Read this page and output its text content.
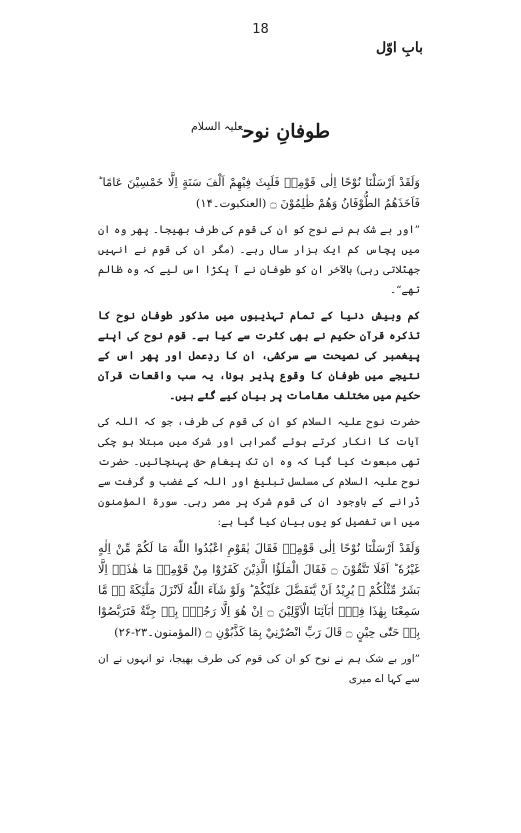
18
بابِ اوّل
طوفانِ نوح$^{علیہ السلام}$

وَلَقَدْ اَرْسَلْنَا نُوْحًا اِلٰی قَوْمِهٖ فَلَبِثَ فِيْهِمْ اَلْفَ سَنَةٍ اِلَّا خَمْسِيْنَ عَامًا ؕ فَاَخَذَهُمُ الطُّوْفَانُ وَهُمْ ظٰلِمُوْنَ ۝ (العنکبوت۔۱۴)

”اور بے شک ہم نے نوح کو ان کی قوم کی طرف بھیجا۔ پھر وہ ان میں پچاس کم ایک ہزار سال رہے۔ (مگر ان کی قوم نے انہیں جھٹلاتی رہی) بالآخر ان کو طوفان نے آ پکڑا اس لیے کہ وہ ظالم تھے“۔

کم وبیش دنیا کے تمام تہذیبوں میں مذکور طوفانِ نوح کا تذکرہ قرآن حکیم نے بھی کثرت سے کیا ہے۔ قوم نوح کی اپنے پیغمبر کی نصیحت سے سرکشی، ان کا ردِعمل اور پھر اس کے نتیجے میں طوفان کا وقوع پذیر ہونا، یہ سب واقعات قرآن حکیم میں مختلف مقامات پر بیان کیے گئے ہیں۔

حضرت نوح علیہ السلام کو ان کی قوم کی طرف، جو کہ اللہ کی آیات کا انکار کرتے ہوئے گمراہی اور شرک میں مبتلا ہو چکی تھی مبعوث کیا گیا کہ وہ ان تک پیغامِ حق پہنچائیں۔ حضرت نوح علیہ السلام کی مسلسل تبلیغ اور اللہ کے غضب و گرفت سے ڈرانے کے باوجود ان کی قوم شرک پر مصر رہی۔ سورۃ المؤمنون میں اس تفصیل کو یوں بیان کیا گیا ہے:

وَلَقَدْ اَرْسَلْنَا نُوْحًا اِلٰی قَوْمِهٖ فَقَالَ یٰقَوْمِ اعْبُدُوا اللّٰهَ مَا لَكُمْ مِّنْ اِلٰهٍ غَيْرُهٗ ؕ اَفَلَا تَتَّقُوْنَ ۝ فَقَالَ الْمَلَؤُا الَّذِيْنَ كَفَرُوْا مِنْ قَوْمِهٖ مَا هٰذَاۤ اِلَّا بَشَرٌ مِّثْلُكُمْ ۙ يُرِيْدُ اَنْ يَّتَفَضَّلَ عَلَيْكُمْ ؕ وَلَوْ شَآءَ اللّٰهُ لَاَنْزَلَ مَلٰٓئِكَةً ۚۖ مَّا سَمِعْنَا بِهٰذَا فِيْۤ اٰبَآئِنَا الْاَوَّلِيْنَ ۝ اِنْ هُوَ اِلَّا رَجُلٌۢ بِهٖ جِنَّةٌ فَتَرَبَّصُوْا بِهٖ حَتّٰى حِيْنٍ ۝ قَالَ رَبِّ انْصُرْنِيْ بِمَا كَذَّبُوْنِ ۝ (المؤمنون۔۲۳-۲۶)

”اور بے شک ہم نے نوح کو ان کی قوم کی طرف بھیجا، تو انہوں نے ان سے کہا اے میری
